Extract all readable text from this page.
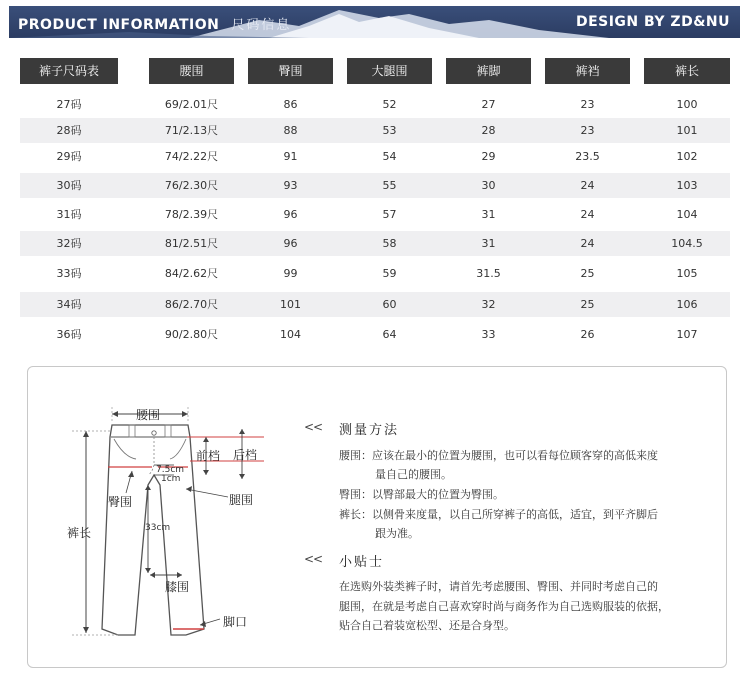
PRODUCT INFORMATION 尺码信息	DESIGN BY ZD&NU
裤子尺码表	腰围	臀围	大腿围	裤脚	裤裆	裤长
27码	69/2.01尺	86	52	27	23	100
28码	71/2.13尺	88	53	28	23	101
29码	74/2.22尺	91	54	29	23.5	102
30码	76/2.30尺	93	55	30	24	103
31码	78/2.39尺	96	57	31	24	104
32码	81/2.51尺	96	58	31	24	104.5
33码	84/2.62尺	99	59	31.5	25	105
34码	86/2.70尺	101	60	32	25	106
36码	90/2.80尺	104	64	33	26	107
腰围
前档 后档
臀围	腿围
裤长
膝围
脚口
7.5cm
1cm
33cm
<< 测量方法
腰围：应该在最小的位置为腰围，也可以看每位顾客穿的高低来度
量自己的腰围。
臀围：以臀部最大的位置为臀围。
裤长：以侧骨来度量，以自己所穿裤子的高低，适宜，到平齐脚后
跟为准。
<< 小贴士
在选购外装类裤子时，请首先考虑腰围、臀围、并同时考虑自己的
腿围，在就是考虑自己喜欢穿时尚与商务作为自己选购服装的依据，
贴合自己着装宽松型、还是合身型。
